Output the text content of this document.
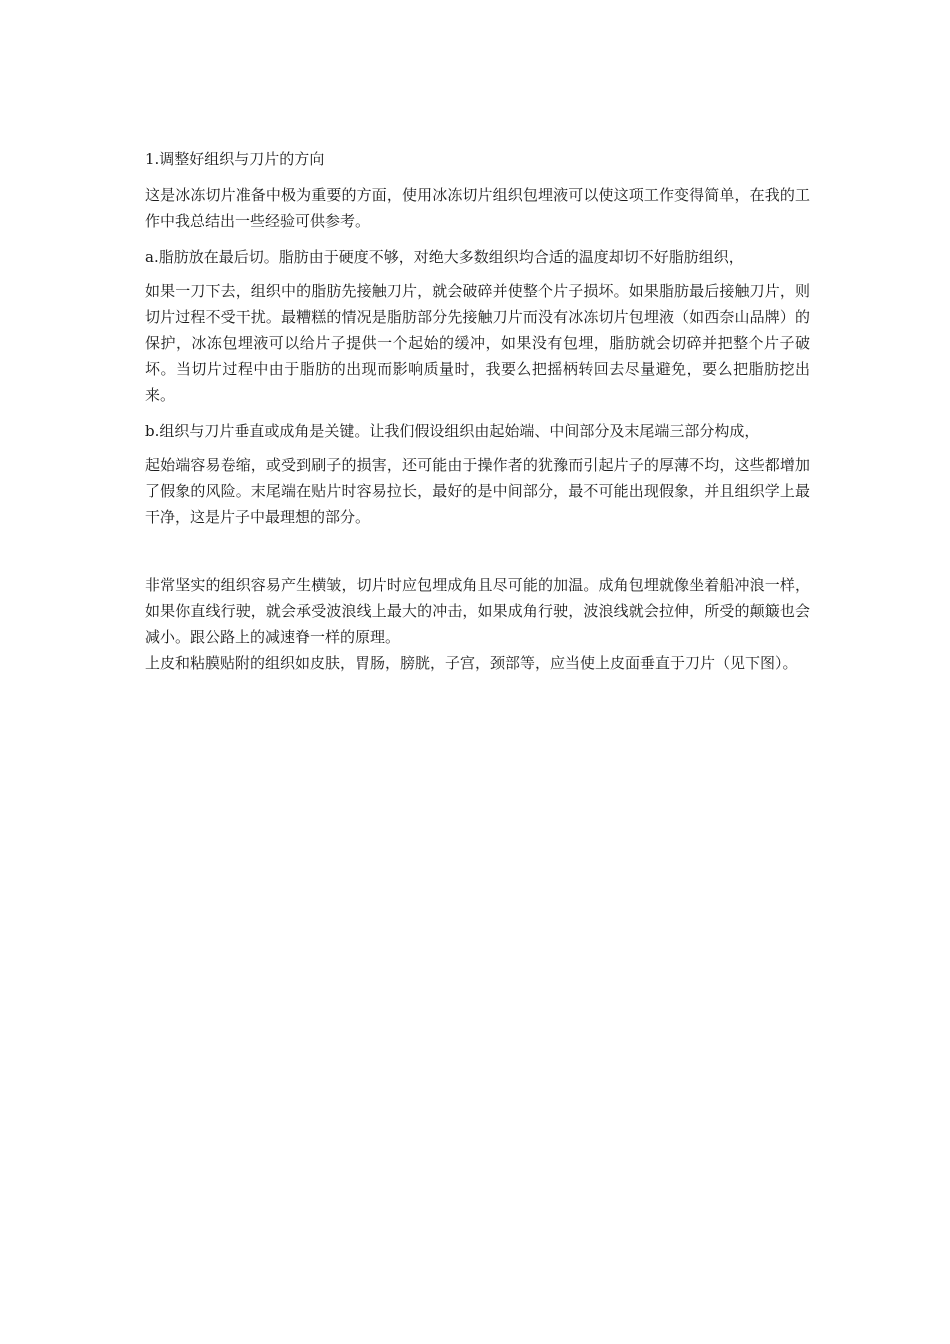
1.调整好组织与刀片的方向

这是冰冻切片准备中极为重要的方面，使用冰冻切片组织包埋液可以使这项工作变得简单，在我的工作中我总结出一些经验可供参考。

a.脂肪放在最后切。脂肪由于硬度不够，对绝大多数组织均合适的温度却切不好脂肪组织，

如果一刀下去，组织中的脂肪先接触刀片，就会破碎并使整个片子损坏。如果脂肪最后接触刀片，则切片过程不受干扰。最糟糕的情况是脂肪部分先接触刀片而没有冰冻切片包埋液（如西奈山品牌）的保护，冰冻包埋液可以给片子提供一个起始的缓冲，如果没有包埋，脂肪就会切碎并把整个片子破坏。当切片过程中由于脂肪的出现而影响质量时，我要么把摇柄转回去尽量避免，要么把脂肪挖出来。

b.组织与刀片垂直或成角是关键。让我们假设组织由起始端、中间部分及末尾端三部分构成，

起始端容易卷缩，或受到刷子的损害，还可能由于操作者的犹豫而引起片子的厚薄不均，这些都增加了假象的风险。末尾端在贴片时容易拉长，最好的是中间部分，最不可能出现假象，并且组织学上最干净，这是片子中最理想的部分。

非常坚实的组织容易产生横皱，切片时应包埋成角且尽可能的加温。成角包埋就像坐着船冲浪一样，如果你直线行驶，就会承受波浪线上最大的冲击，如果成角行驶，波浪线就会拉伸，所受的颠簸也会减小。跟公路上的减速脊一样的原理。

上皮和粘膜贴附的组织如皮肤，胃肠，膀胱，子宫，颈部等，应当使上皮面垂直于刀片（见下图）。
